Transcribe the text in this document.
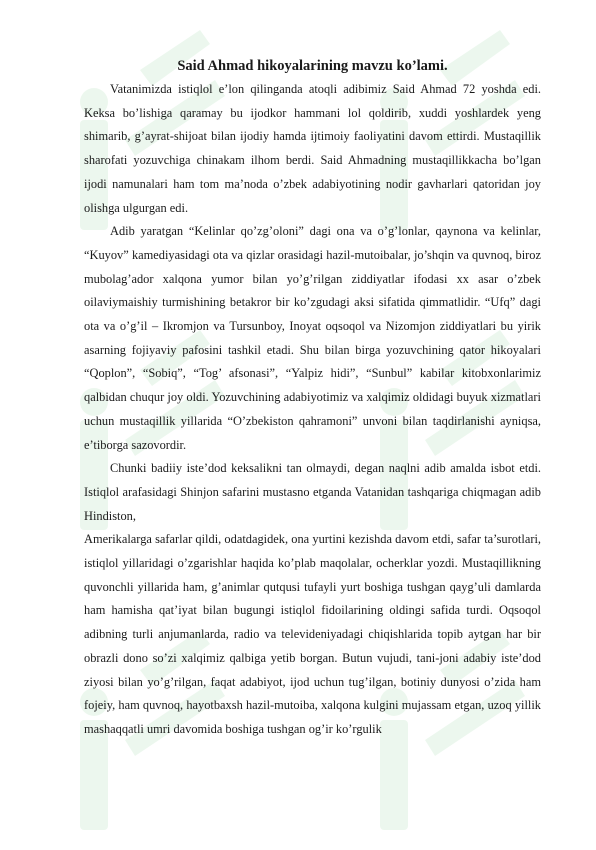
Said Ahmad hikoyalarining mavzu ko’lami.

Vatanimizda istiqlol e’lon qilinganda atoqli adibimiz Said Ahmad 72 yoshda edi. Keksa bo’lishiga qaramay bu ijodkor hammani lol qoldirib, xuddi yoshlardek yeng shimarib, g’ayrat-shijoat bilan ijodiy hamda ijtimoiy faoliyatini davom ettirdi. Mustaqillik sharofati yozuvchiga chinakam ilhom berdi. Said Ahmadning mustaqillikkacha bo’lgan ijodi namunalari ham tom ma’noda o’zbek adabiyotining nodir gavharlari qatoridan joy olishga ulgurgan edi.

Adib yaratgan “Kelinlar qo’zg’oloni” dagi ona va o’g’lonlar, qaynona va kelinlar, “Kuyov” kamediyasidagi ota va qizlar orasidagi hazil-mutoibalar, jo’shqin va quvnoq, biroz mubolag’ador xalqona yumor bilan yo’g’rilgan ziddiyatlar ifodasi xx asar o’zbek oilaviymaishiy turmishining betakror bir ko’zgudagi aksi sifatida qimmatlidir. “Ufq” dagi ota va o’g’il – Ikromjon va Tursunboy, Inoyat oqsoqol va Nizomjon ziddiyatlari bu yirik asarning fojiyaviy pafosini tashkil etadi. Shu bilan birga yozuvchining qator hikoyalari “Qoplon”, “Sobiq”, “Tog’ afsonasi”, “Yalpiz hidi”, “Sunbul” kabilar kitobxonlarimiz qalbidan chuqur joy oldi. Yozuvchining adabiyotimiz va xalqimiz oldidagi buyuk xizmatlari uchun mustaqillik yillarida “O’zbekiston qahramoni” unvoni bilan taqdirlanishi ayniqsa, e’tiborga sazovordir.

Chunki badiiy iste’dod keksalikni tan olmaydi, degan naqlni adib amalda isbot etdi. Istiqlol arafasidagi Shinjon safarini mustasno etganda Vatanidan tashqariga chiqmagan adib Hindiston,

Amerikalarga safarlar qildi, odatdagidek, ona yurtini kezishda davom etdi, safar ta’surotlari, istiqlol yillaridagi o’zgarishlar haqida ko’plab maqolalar, ocherklar yozdi. Mustaqillikning quvonchli yillarida ham, g’animlar qutqusi tufayli yurt boshiga tushgan qayg’uli damlarda ham hamisha qat’iyat bilan bugungi istiqlol fidoilarining oldingi safida turdi. Oqsoqol adibning turli anjumanlarda, radio va televideniyadagi chiqishlarida topib aytgan har bir obrazli dono so’zi xalqimiz qalbiga yetib borgan. Butun vujudi, tani-joni adabiy iste’dod ziyosi bilan yo’g’rilgan, faqat adabiyot, ijod uchun tug’ilgan, botiniy dunyosi o’zida ham fojeiy, ham quvnoq, hayotbaxsh hazil-mutoiba, xalqona kulgini mujassam etgan, uzoq yillik mashaqqatli umri davomida boshiga tushgan og’ir ko’rgulik
